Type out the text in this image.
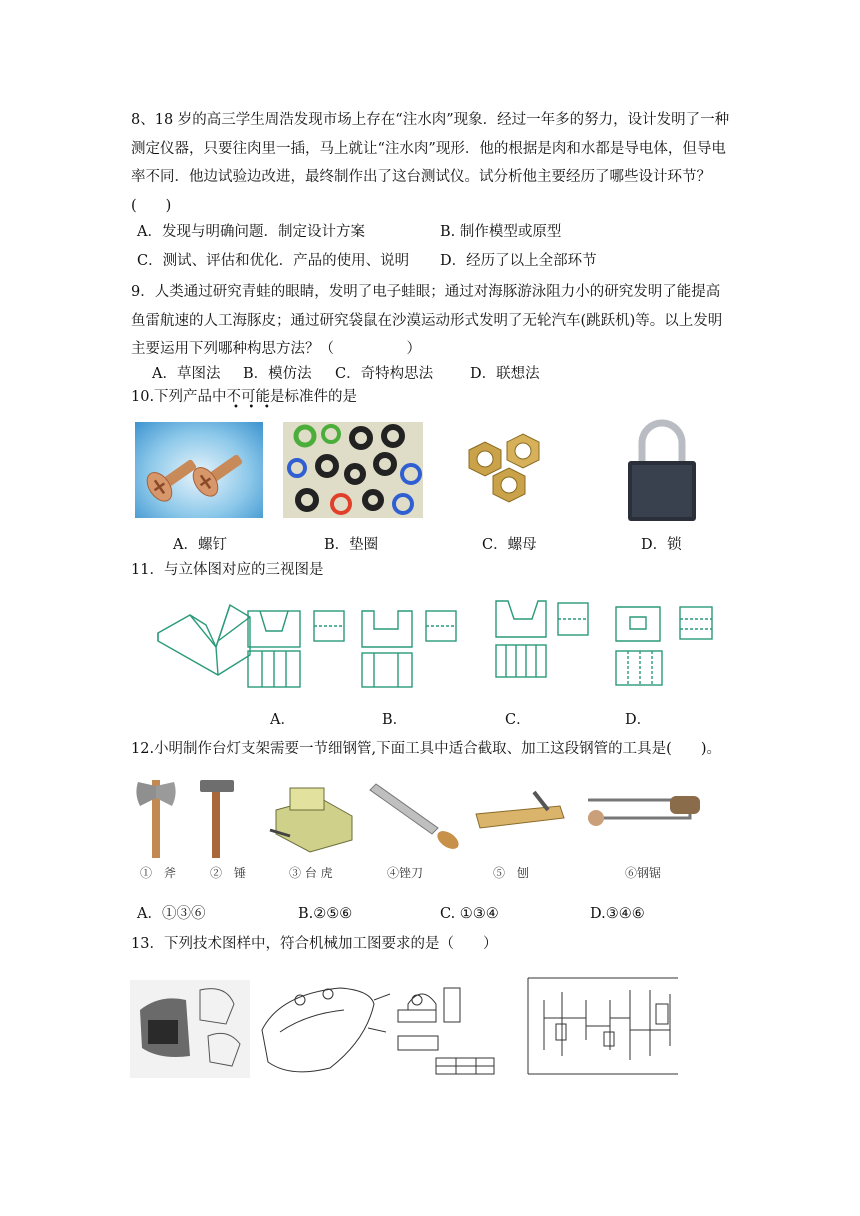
8、18 岁的高三学生周浩发现市场上存在“注水肉”现象．经过一年多的努力，设计发明了一种测定仪器，只要往肉里一插，马上就让“注水肉”现形．他的根据是肉和水都是导电体，但导电率不同．他边试验边改进，最终制作出了这台测试仪。试分析他主要经历了哪些设计环节？(　　)
A．发现与明确问题．制定设计方案	B. 制作模型或原型
C．测试、评估和优化．产品的使用、说明 D．经历了以上全部环节
9．人类通过研究青蛙的眼睛，发明了电子蛙眼；通过对海豚游泳阻力小的研究发明了能提高鱼雷航速的人工海豚皮；通过研究袋鼠在沙漠运动形式发明了无轮汽车(跳跃机)等。以上发明主要运用下列哪种构思方法？（　　　　　）
A．草图法 B．模仿法 C．奇特构思法	D．联想法
10.下列产品中不可能是标准件的是
•   •   •
A．螺钉	B．垫圈	C．螺母	D．锁
11．与立体图对应的三视图是
A．	B．	C．	D．
12.小明制作台灯支架需要一节细钢管,下面工具中适合截取、加工这段钢管的工具是(　　)。
①　斧	②　锤	③ 台 虎	④锉刀	⑤　刨	⑥钢锯
A．①③⑥	B.②⑤⑥	C. ①③④	D.③④⑥
13．下列技术图样中，符合机械加工图要求的是（　　）
